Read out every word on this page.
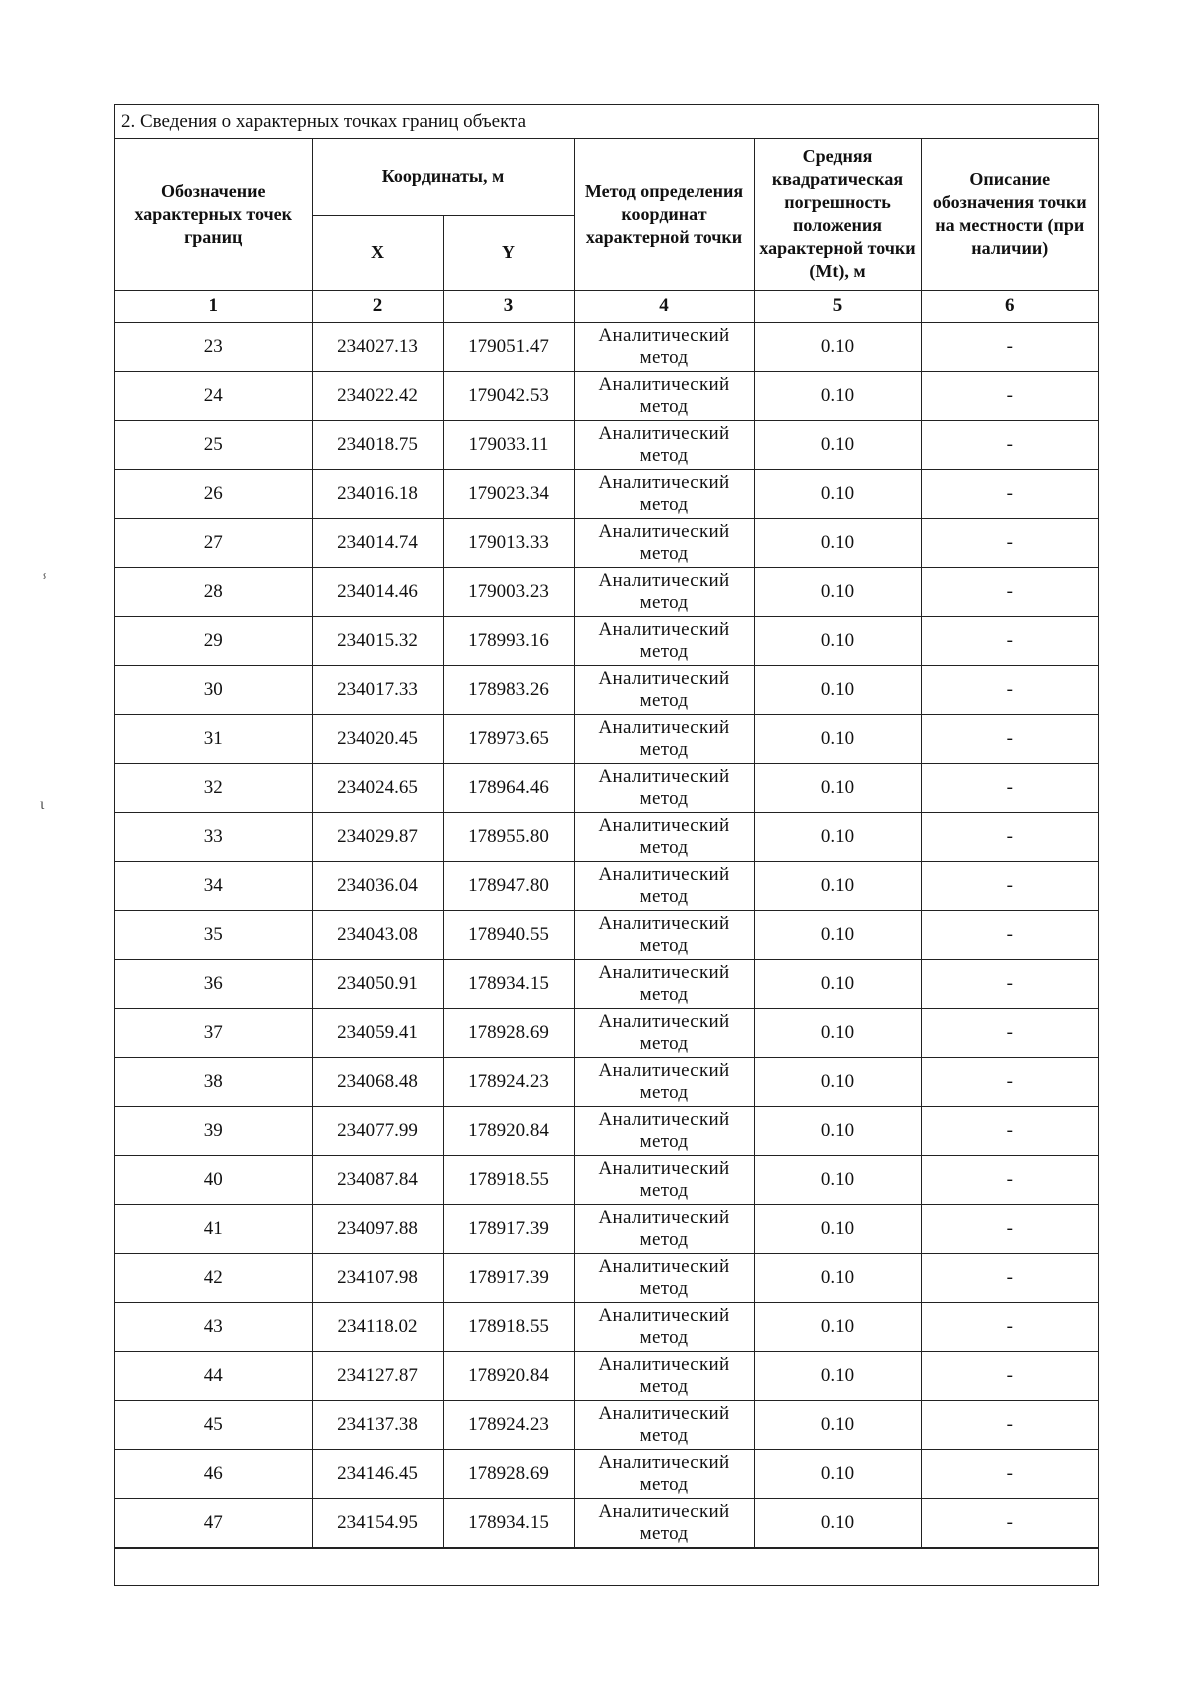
2. Сведения о характерных точках границ объекта
Обозначение характерных точек границ	Координаты, м		Метод определения координат характерной точки	Средняя квадратическая погрешность положения характерной точки (Mt), м	Описание обозначения точки на местности (при наличии)
	X	Y			
1	2	3	4	5	6
23	234027.13	179051.47	Аналитический метод	0.10	-
24	234022.42	179042.53	Аналитический метод	0.10	-
25	234018.75	179033.11	Аналитический метод	0.10	-
26	234016.18	179023.34	Аналитический метод	0.10	-
27	234014.74	179013.33	Аналитический метод	0.10	-
28	234014.46	179003.23	Аналитический метод	0.10	-
29	234015.32	178993.16	Аналитический метод	0.10	-
30	234017.33	178983.26	Аналитический метод	0.10	-
31	234020.45	178973.65	Аналитический метод	0.10	-
32	234024.65	178964.46	Аналитический метод	0.10	-
33	234029.87	178955.80	Аналитический метод	0.10	-
34	234036.04	178947.80	Аналитический метод	0.10	-
35	234043.08	178940.55	Аналитический метод	0.10	-
36	234050.91	178934.15	Аналитический метод	0.10	-
37	234059.41	178928.69	Аналитический метод	0.10	-
38	234068.48	178924.23	Аналитический метод	0.10	-
39	234077.99	178920.84	Аналитический метод	0.10	-
40	234087.84	178918.55	Аналитический метод	0.10	-
41	234097.88	178917.39	Аналитический метод	0.10	-
42	234107.98	178917.39	Аналитический метод	0.10	-
43	234118.02	178918.55	Аналитический метод	0.10	-
44	234127.87	178920.84	Аналитический метод	0.10	-
45	234137.38	178924.23	Аналитический метод	0.10	-
46	234146.45	178928.69	Аналитический метод	0.10	-
47	234154.95	178934.15	Аналитический метод	0.10	-
ⸯ
ι
